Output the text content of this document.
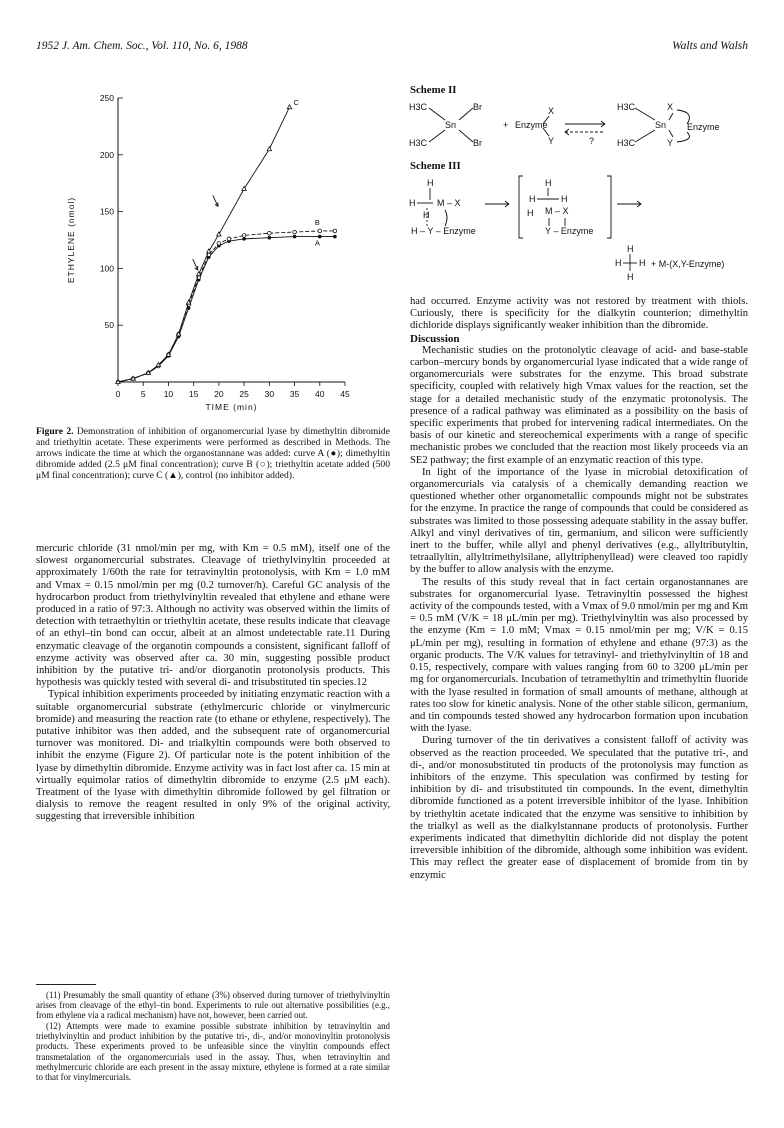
1952 J. Am. Chem. Soc., Vol. 110, No. 6, 1988	Walts and Walsh
0 5 10 15 20 25 30 35 40 45
50
100
150
200
250
TIME (min)
ETHYLENE (nmol)	A
B
C
Figure 2. Demonstration of inhibition of organomercurial lyase by dimethyltin dibromide and triethyltin acetate. These experiments were performed as described in Methods. The arrows indicate the time at which the organostannane was added: curve A (●); dimethyltin dibromide added (2.5 μM final concentration); curve B (○); triethyltin acetate added (500 μM final concentration); curve C (▲), control (no inhibitor added).

mercuric chloride (31 nmol/min per mg, with Km = 0.5 mM), itself one of the slowest organomercurial substrates. Cleavage of triethylvinyltin proceeded at approximately 1/60th the rate for tetravinyltin protonolysis, with Km = 1.0 mM and Vmax = 0.15 nmol/min per mg (0.2 turnover/h). Careful GC analysis of the hydrocarbon product from triethylvinyltin revealed that ethylene and ethane were produced in a ratio of 97:3. Although no activity was observed within the limits of detection with tetraethyltin or triethyltin acetate, these results indicate that cleavage of an ethyl–tin bond can occur, albeit at an almost undetectable rate.11 During enzymatic cleavage of the organotin compounds a consistent, significant falloff of enzyme activity was observed after ca. 30 min, suggesting possible product inhibition by the putative tri- and/or diorganotin protonolysis products. This hypothesis was quickly tested with several di- and trisubstituted tin species.12

Typical inhibition experiments proceeded by initiating enzymatic reaction with a suitable organomercurial substrate (ethylmercuric chloride or vinylmercuric bromide) and measuring the reaction rate (to ethane or ethylene, respectively). The putative inhibitor was then added, and the subsequent rate of organomercurial turnover was monitored. Di- and trialkyltin compounds were both observed to inhibit the enzyme (Figure 2). Of particular note is the potent inhibition of the lyase by dimethyltin dibromide. Enzyme activity was in fact lost after ca. 15 min at virtually equimolar ratios of dimethyltin dibromide to enzyme (2.5 μM each). Treatment of the lyase with dimethyltin dibromide followed by gel filtration or dialysis to remove the reagent resulted in only 9% of the original activity, suggesting that irreversible inhibition

(11) Presumably the small quantity of ethane (3%) observed during turnover of triethylvinyltin arises from cleavage of the ethyl–tin bond. Experiments to rule out alternative possibilities (e.g., from ethylene via a radical mechanism) have not, however, been carried out.

(12) Attempts were made to examine possible substrate inhibition by tetravinyltin and triethylvinyltin and product inhibition by the putative tri-, di-, and/or monovinyltin protonolysis products. These experiments proved to be unfeasible since the vinyltin compounds effect transmetalation of the organomercurials used in the assay. Thus, when tetravinyltin and methylmercuric chloride are each present in the assay mixture, ethylene is formed at a rate similar to that for vinylmercurials.

Scheme II
H3C
H3C
Sn
Br
Br
+ Enzyme
X
Y	?
H3C
H3C
Sn
X
Y
Enzyme
Scheme III
H
H M – X
H
H – Y – Enzyme
H
H	H
H M – X
Y – Enzyme
H
H H
H
+ M-(X,Y-Enzyme)

had occurred. Enzyme activity was not restored by treatment with thiols. Curiously, there is specificity for the dialkytin counterion; dimethyltin dichloride displays significantly weaker inhibition than the dibromide.

Discussion

Mechanistic studies on the protonolytic cleavage of acid- and base-stable carbon–mercury bonds by organomercurial lyase indicated that a wide range of organomercurials were substrates for the enzyme. This broad substrate specificity, coupled with relatively high Vmax values for the reaction, set the stage for a detailed mechanistic study of the enzymatic protonolysis. The presence of a radical pathway was eliminated as a possibility on the basis of specific experiments that probed for intervening radical intermediates. On the basis of our kinetic and stereochemical experiments with a range of specific mechanistic probes we concluded that the reaction most likely proceeds via an SE2 pathway; the first example of an enzymatic reaction of this type.

In light of the importance of the lyase in microbial detoxification of organomercurials via catalysis of a chemically demanding reaction we questioned whether other organometallic compounds might not be substrates for the enzyme. In practice the range of compounds that could be considered as substrates was limited to those possessing adequate stability in the assay buffer. Alkyl and vinyl derivatives of tin, germanium, and silicon were sufficiently inert to the buffer, while allyl and phenyl derivatives (e.g., allyltributyltin, tetraallyltin, allyltrimethylsilane, allyltriphenyllead) were cleaved too rapidly by the buffer to allow analysis with the enzyme.

The results of this study reveal that in fact certain organostannanes are substrates for organomercurial lyase. Tetravinyltin possessed the highest activity of the compounds tested, with a Vmax of 9.0 nmol/min per mg and Km = 0.5 mM (V/K = 18 μL/min per mg). Triethylvinyltin was also processed by the enzyme (Km = 1.0 mM; Vmax = 0.15 nmol/min per mg; V/K = 0.15 μL/min per mg), resulting in formation of ethylene and ethane (97:3) as the organic products. The V/K values for tetravinyl- and triethylvinyltin of 18 and 0.15, respectively, compare with values ranging from 60 to 3200 μL/min per mg for organomercurials. Incubation of tetramethyltin and trimethyltin fluoride with the lyase resulted in formation of small amounts of methane, although at rates too slow for kinetic analysis. None of the other stable silicon, germanium, and tin compounds tested showed any hydrocarbon formation upon incubation with the lyase.

During turnover of the tin derivatives a consistent falloff of activity was observed as the reaction proceeded. We speculated that the putative tri-, and di-, and/or monosubstituted tin products of the protonolysis may function as inhibitors of the enzyme. This speculation was confirmed by testing for inhibition by di- and trisubstituted tin compounds. In the event, dimethyltin dibromide functioned as a potent irreversible inhibitor of the lyase. Inhibition by triethyltin acetate indicated that the enzyme was sensitive to inhibition by the trialkyl as well as the dialkylstannane products of protonolysis. Further experiments indicated that dimethyltin dichloride did not display the potent irreversible inhibition of the dibromide, although some inhibition was evident. This may reflect the greater ease of displacement of bromide from tin by enzymic
